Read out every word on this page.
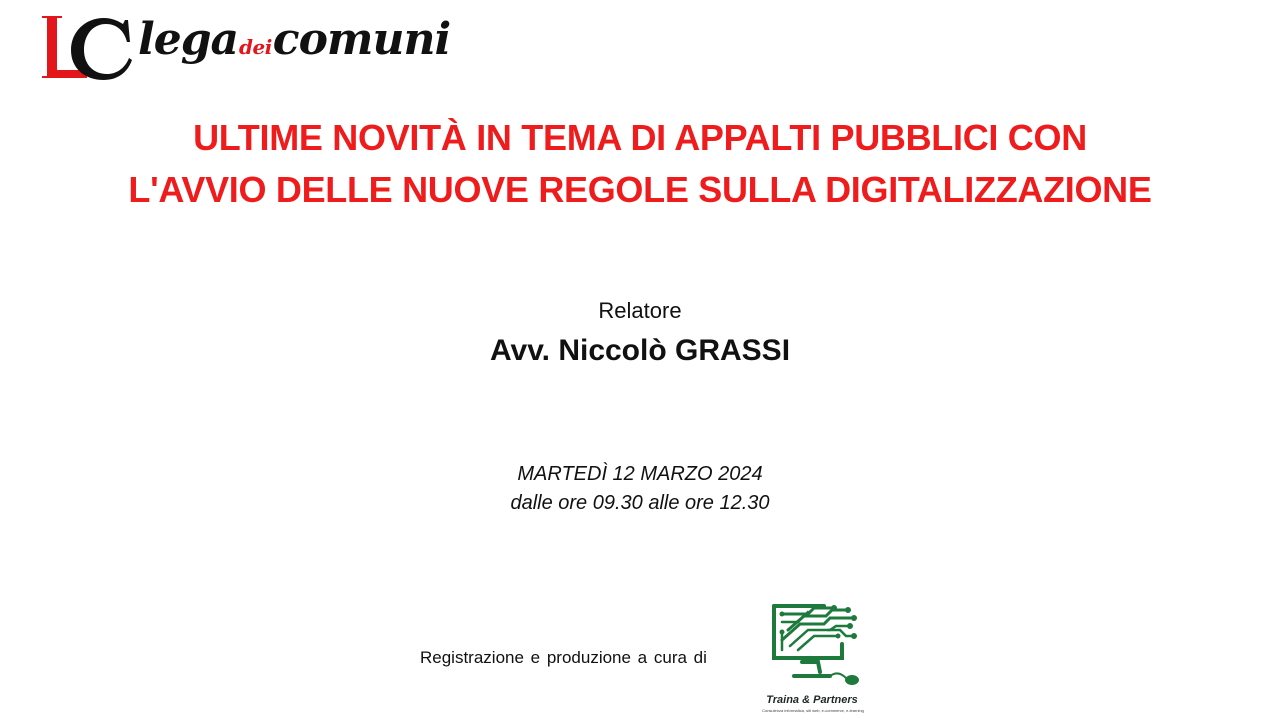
legadeicomuni
ULTIME NOVITÀ IN TEMA DI APPALTI PUBBLICI CON
L'AVVIO DELLE NUOVE REGOLE SULLA DIGITALIZZAZIONE
Relatore
Avv. Niccolò GRASSI
MARTEDÌ 12 MARZO 2024
dalle ore 09.30 alle ore 12.30
Registrazione e produzione a cura di
Traina & Partners
Consulenza informatica, siti web, e-commerce, e-learning
